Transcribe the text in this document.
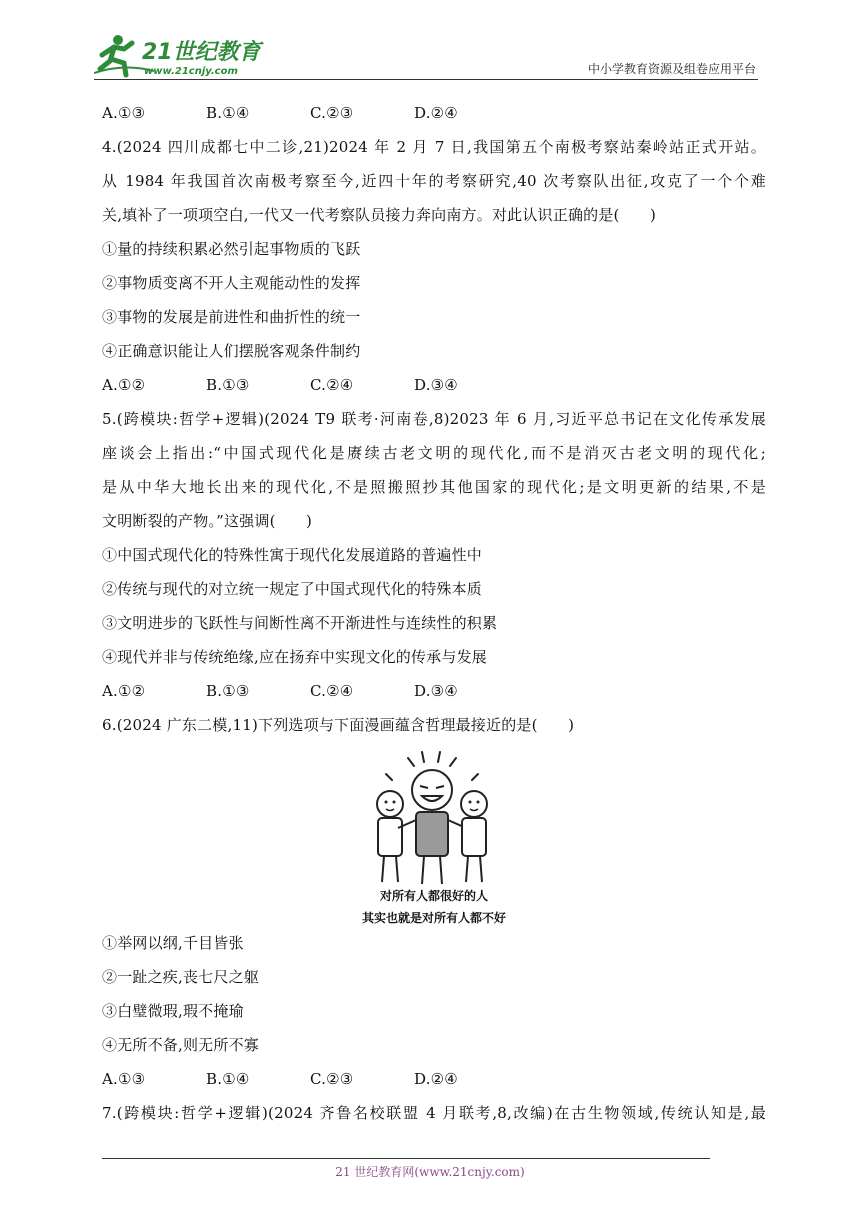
21世纪教育
www.21cnjy.com	中小学教育资源及组卷应用平台
A.①③	B.①④	C.②③	D.②④
4.(2024 四川成都七中二诊,21)2024 年 2 月 7 日,我国第五个南极考察站秦岭站正式开站。
从 1984 年我国首次南极考察至今,近四十年的考察研究,40 次考察队出征,攻克了一个个难
关,填补了一项项空白,一代又一代考察队员接力奔向南方。对此认识正确的是(　　)
①量的持续积累必然引起事物质的飞跃
②事物质变离不开人主观能动性的发挥
③事物的发展是前进性和曲折性的统一
④正确意识能让人们摆脱客观条件制约
A.①②	B.①③	C.②④	D.③④
5.(跨模块:哲学+逻辑)(2024 T9 联考·河南卷,8)2023 年 6 月,习近平总书记在文化传承发展
座谈会上指出:“中国式现代化是赓续古老文明的现代化,而不是消灭古老文明的现代化;
是从中华大地长出来的现代化,不是照搬照抄其他国家的现代化;是文明更新的结果,不是
文明断裂的产物。”这强调(　　)
①中国式现代化的特殊性寓于现代化发展道路的普遍性中
②传统与现代的对立统一规定了中国式现代化的特殊本质
③文明进步的飞跃性与间断性离不开渐进性与连续性的积累
④现代并非与传统绝缘,应在扬弃中实现文化的传承与发展
A.①②	B.①③	C.②④	D.③④
6.(2024 广东二模,11)下列选项与下面漫画蕴含哲理最接近的是(　　)
对所有人都很好的人
其实也就是对所有人都不好
①举网以纲,千目皆张
②一趾之疾,丧七尺之躯
③白璧微瑕,瑕不掩瑜
④无所不备,则无所不寡
A.①③	B.①④	C.②③	D.②④
7.(跨模块:哲学+逻辑)(2024 齐鲁名校联盟 4 月联考,8,改编)在古生物领域,传统认知是,最
21 世纪教育网(www.21cnjy.com)
